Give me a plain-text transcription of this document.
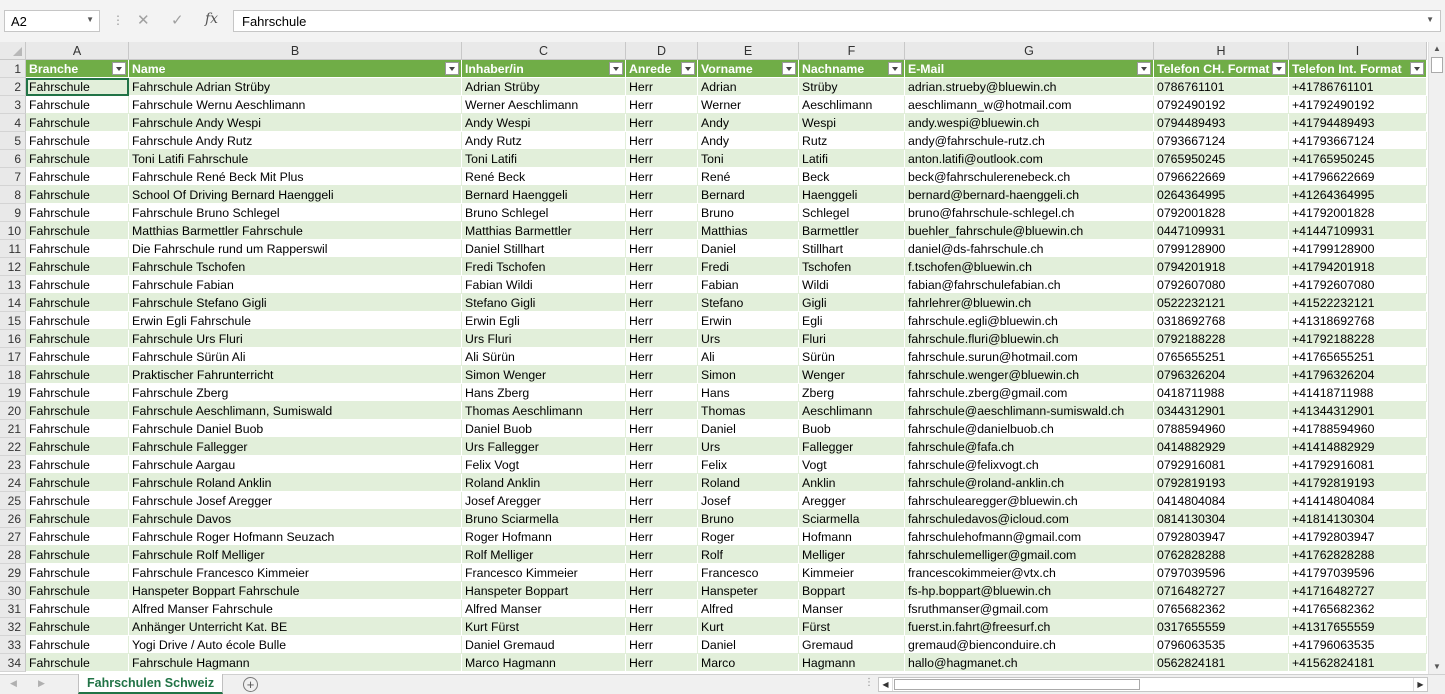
A2	▼ ⋮ ✕ ✓ fx	Fahrschule	▼
A	B	C	D	E	F	G	H	I
1 Branche	Name	Inhaber/in	Anrede	Vorname	Nachname	E-Mail	Telefon CH. Format	Telefon Int. Format
2 Fahrschule	Fahrschule Adrian Strüby	Adrian Strüby	Herr	Adrian	Strüby	adrian.strueby@bluewin.ch	0786761101	+41786761101
3 Fahrschule	Fahrschule Wernu Aeschlimann	Werner Aeschlimann	Herr	Werner	Aeschlimann	aeschlimann_w@hotmail.com	0792490192	+41792490192
4 Fahrschule	Fahrschule Andy Wespi	Andy Wespi	Herr	Andy	Wespi	andy.wespi@bluewin.ch	0794489493	+41794489493
5 Fahrschule	Fahrschule Andy Rutz	Andy Rutz	Herr	Andy	Rutz	andy@fahrschule-rutz.ch	0793667124	+41793667124
6 Fahrschule	Toni Latifi Fahrschule	Toni Latifi	Herr	Toni	Latifi	anton.latifi@outlook.com	0765950245	+41765950245
7 Fahrschule	Fahrschule René Beck Mit Plus	René Beck	Herr	René	Beck	beck@fahrschulerenebeck.ch	0796622669	+41796622669
8 Fahrschule	School Of Driving Bernard Haenggeli	Bernard Haenggeli	Herr	Bernard	Haenggeli	bernard@bernard-haenggeli.ch	0264364995	+41264364995
9 Fahrschule	Fahrschule Bruno Schlegel	Bruno Schlegel	Herr	Bruno	Schlegel	bruno@fahrschule-schlegel.ch	0792001828	+41792001828
10 Fahrschule	Matthias Barmettler Fahrschule	Matthias Barmettler	Herr	Matthias	Barmettler	buehler_fahrschule@bluewin.ch	0447109931	+41447109931
11 Fahrschule	Die Fahrschule rund um Rapperswil	Daniel Stillhart	Herr	Daniel	Stillhart	daniel@ds-fahrschule.ch	0799128900	+41799128900
12 Fahrschule	Fahrschule Tschofen	Fredi Tschofen	Herr	Fredi	Tschofen	f.tschofen@bluewin.ch	0794201918	+41794201918
13 Fahrschule	Fahrschule Fabian	Fabian Wildi	Herr	Fabian	Wildi	fabian@fahrschulefabian.ch	0792607080	+41792607080
14 Fahrschule	Fahrschule Stefano Gigli	Stefano Gigli	Herr	Stefano	Gigli	fahrlehrer@bluewin.ch	0522232121	+41522232121
15 Fahrschule	Erwin Egli Fahrschule	Erwin Egli	Herr	Erwin	Egli	fahrschule.egli@bluewin.ch	0318692768	+41318692768
16 Fahrschule	Fahrschule Urs Fluri	Urs Fluri	Herr	Urs	Fluri	fahrschule.fluri@bluewin.ch	0792188228	+41792188228
17 Fahrschule	Fahrschule Sürün Ali	Ali Sürün	Herr	Ali	Sürün	fahrschule.surun@hotmail.com	0765655251	+41765655251
18 Fahrschule	Praktischer Fahrunterricht	Simon Wenger	Herr	Simon	Wenger	fahrschule.wenger@bluewin.ch	0796326204	+41796326204
19 Fahrschule	Fahrschule Zberg	Hans Zberg	Herr	Hans	Zberg	fahrschule.zberg@gmail.com	0418711988	+41418711988
20 Fahrschule	Fahrschule Aeschlimann, Sumiswald	Thomas Aeschlimann	Herr	Thomas	Aeschlimann	fahrschule@aeschlimann-sumiswald.ch	0344312901	+41344312901
21 Fahrschule	Fahrschule Daniel Buob	Daniel Buob	Herr	Daniel	Buob	fahrschule@danielbuob.ch	0788594960	+41788594960
22 Fahrschule	Fahrschule Fallegger	Urs Fallegger	Herr	Urs	Fallegger	fahrschule@fafa.ch	0414882929	+41414882929
23 Fahrschule	Fahrschule Aargau	Felix Vogt	Herr	Felix	Vogt	fahrschule@felixvogt.ch	0792916081	+41792916081
24 Fahrschule	Fahrschule Roland Anklin	Roland Anklin	Herr	Roland	Anklin	fahrschule@roland-anklin.ch	0792819193	+41792819193
25 Fahrschule	Fahrschule Josef Aregger	Josef Aregger	Herr	Josef	Aregger	fahrschulearegger@bluewin.ch	0414804084	+41414804084
26 Fahrschule	Fahrschule Davos	Bruno Sciarmella	Herr	Bruno	Sciarmella	fahrschuledavos@icloud.com	0814130304	+41814130304
27 Fahrschule	Fahrschule Roger Hofmann Seuzach	Roger Hofmann	Herr	Roger	Hofmann	fahrschulehofmann@gmail.com	0792803947	+41792803947
28 Fahrschule	Fahrschule Rolf Melliger	Rolf Melliger	Herr	Rolf	Melliger	fahrschulemelliger@gmail.com	0762828288	+41762828288
29 Fahrschule	Fahrschule Francesco Kimmeier	Francesco Kimmeier	Herr	Francesco	Kimmeier	francescokimmeier@vtx.ch	0797039596	+41797039596
30 Fahrschule	Hanspeter Boppart Fahrschule	Hanspeter Boppart	Herr	Hanspeter	Boppart	fs-hp.boppart@bluewin.ch	0716482727	+41716482727
31 Fahrschule	Alfred Manser Fahrschule	Alfred Manser	Herr	Alfred	Manser	fsruthmanser@gmail.com	0765682362	+41765682362
32 Fahrschule	Anhänger Unterricht Kat. BE	Kurt Fürst	Herr	Kurt	Fürst	fuerst.in.fahrt@freesurf.ch	0317655559	+41317655559
33 Fahrschule	Yogi Drive / Auto école Bulle	Daniel Gremaud	Herr	Daniel	Gremaud	gremaud@bienconduire.ch	0796063535	+41796063535
34 Fahrschule	Fahrschule Hagmann	Marco Hagmann	Herr	Marco	Hagmann	hallo@hagmanet.ch	0562824181	+41562824181
▲
▼
◀ ▶	Fahrschulen Schweiz	+	⋮	◀	▶
